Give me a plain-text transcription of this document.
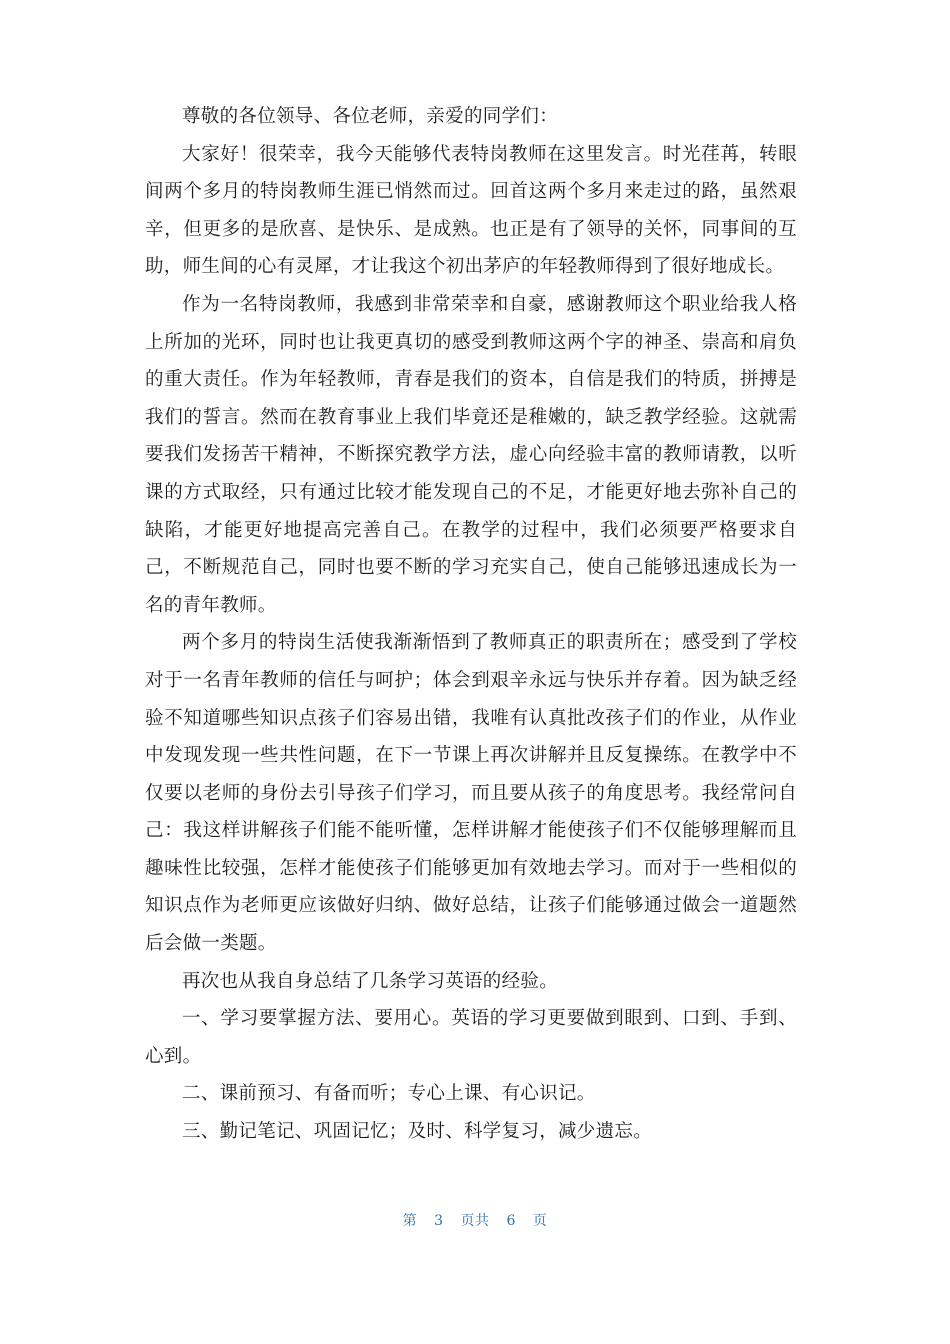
尊敬的各位领导、各位老师，亲爱的同学们：

大家好！很荣幸，我今天能够代表特岗教师在这里发言。时光荏苒，转眼间两个多月的特岗教师生涯已悄然而过。回首这两个多月来走过的路，虽然艰辛，但更多的是欣喜、是快乐、是成熟。也正是有了领导的关怀，同事间的互助，师生间的心有灵犀，才让我这个初出茅庐的年轻教师得到了很好地成长。

作为一名特岗教师，我感到非常荣幸和自豪，感谢教师这个职业给我人格上所加的光环，同时也让我更真切的感受到教师这两个字的神圣、崇高和肩负的重大责任。作为年轻教师，青春是我们的资本，自信是我们的特质，拼搏是我们的誓言。然而在教育事业上我们毕竟还是稚嫩的，缺乏教学经验。这就需要我们发扬苦干精神，不断探究教学方法，虚心向经验丰富的教师请教，以听课的方式取经，只有通过比较才能发现自己的不足，才能更好地去弥补自己的缺陷，才能更好地提高完善自己。在教学的过程中，我们必须要严格要求自己，不断规范自己，同时也要不断的学习充实自己，使自己能够迅速成长为一名的青年教师。

两个多月的特岗生活使我渐渐悟到了教师真正的职责所在；感受到了学校对于一名青年教师的信任与呵护；体会到艰辛永远与快乐并存着。因为缺乏经验不知道哪些知识点孩子们容易出错，我唯有认真批改孩子们的作业，从作业中发现发现一些共性问题，在下一节课上再次讲解并且反复操练。在教学中不仅要以老师的身份去引导孩子们学习，而且要从孩子的角度思考。我经常问自己：我这样讲解孩子们能不能听懂，怎样讲解才能使孩子们不仅能够理解而且趣味性比较强，怎样才能使孩子们能够更加有效地去学习。而对于一些相似的知识点作为老师更应该做好归纳、做好总结，让孩子们能够通过做会一道题然后会做一类题。

再次也从我自身总结了几条学习英语的经验。

一、学习要掌握方法、要用心。英语的学习更要做到眼到、口到、手到、心到。

二、课前预习、有备而听；专心上课、有心识记。

三、勤记笔记、巩固记忆；及时、科学复习，减少遗忘。

第 3 页共 6 页
